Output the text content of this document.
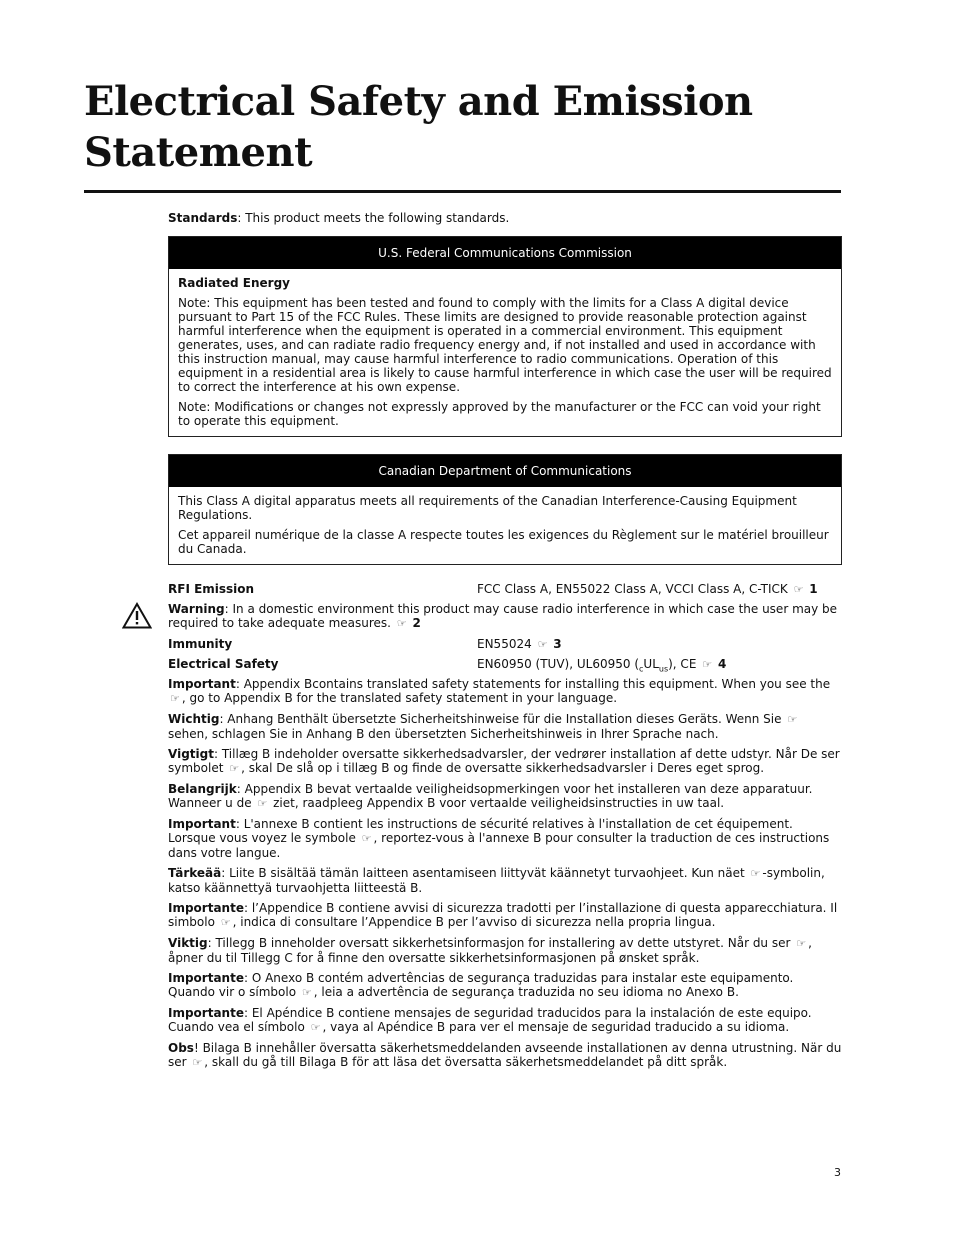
Electrical Safety and Emission
Statement

Standards: This product meets the following standards.

U.S. Federal Communications Commission

Radiated Energy

Note: This equipment has been tested and found to comply with the limits for a Class A digital device pursuant to Part 15 of the FCC Rules. These limits are designed to provide reasonable protection against harmful interference when the equipment is operated in a commercial environment. This equipment generates, uses, and can radiate radio frequency energy and, if not installed and used in accordance with this instruction manual, may cause harmful interference to radio communications. Operation of this equipment in a residential area is likely to cause harmful interference in which case the user will be required to correct the interference at his own expense.

Note: Modifications or changes not expressly approved by the manufacturer or the FCC can void your right to operate this equipment.

Canadian Department of Communications

This Class A digital apparatus meets all requirements of the Canadian Interference-Causing Equipment Regulations.

Cet appareil numérique de la classe A respecte toutes les exigences du Règlement sur le matériel brouilleur du Canada.

RFI Emission	FCC Class A, EN55022 Class A, VCCI Class A, C-TICK ☞ 1

Warning: In a domestic environment this product may cause radio interference in which case the user may be required to take adequate measures. ☞ 2

Immunity	EN55024 ☞ 3
Electrical Safety	EN60950 (TUV), UL60950 $(_cUL_{us})$, CE ☞ 4

Important: Appendix Bcontains translated safety statements for installing this equipment. When you see the ☞ , go to Appendix B for the translated safety statement in your language.

Wichtig: Anhang Benthält übersetzte Sicherheitshinweise für die Installation dieses Geräts. Wenn Sie ☞ sehen, schlagen Sie in Anhang B den übersetzten Sicherheitshinweis in Ihrer Sprache nach.

Vigtigt: Tillæg B indeholder oversatte sikkerhedsadvarsler, der vedrører installation af dette udstyr. Når De ser symbolet ☞ , skal De slå op i tillæg B og finde de oversatte sikkerhedsadvarsler i Deres eget sprog.

Belangrijk: Appendix B bevat vertaalde veiligheidsopmerkingen voor het installeren van deze apparatuur. Wanneer u de ☞ ziet, raadpleeg Appendix B voor vertaalde veiligheidsinstructies in uw taal.

Important: L'annexe B contient les instructions de sécurité relatives à l'installation de cet équipement. Lorsque vous voyez le symbole ☞ , reportez-vous à l'annexe B pour consulter la traduction de ces instructions dans votre langue.

Tärkeää: Liite B sisältää tämän laitteen asentamiseen liittyvät käännetyt turvaohjeet. Kun näet ☞ -symbolin, katso käännettyä turvaohjetta liitteestä B.

Importante: l’Appendice B contiene avvisi di sicurezza tradotti per l’installazione di questa apparecchiatura. Il simbolo ☞ , indica di consultare l’Appendice B per l’avviso di sicurezza nella propria lingua.

Viktig: Tillegg B inneholder oversatt sikkerhetsinformasjon for installering av dette utstyret. Når du ser ☞ , åpner du til Tillegg C for å finne den oversatte sikkerhetsinformasjonen på ønsket språk.

Importante: O Anexo B contém advertências de segurança traduzidas para instalar este equipamento. Quando vir o símbolo ☞ , leia a advertência de segurança traduzida no seu idioma no Anexo B.

Importante: El Apéndice B contiene mensajes de seguridad traducidos para la instalación de este equipo. Cuando vea el símbolo ☞ , vaya al Apéndice B para ver el mensaje de seguridad traducido a su idioma.

Obs! Bilaga B innehåller översatta säkerhetsmeddelanden avseende installationen av denna utrustning. När du ser ☞ , skall du gå till Bilaga B för att läsa det översatta säkerhetsmeddelandet på ditt språk.

3
